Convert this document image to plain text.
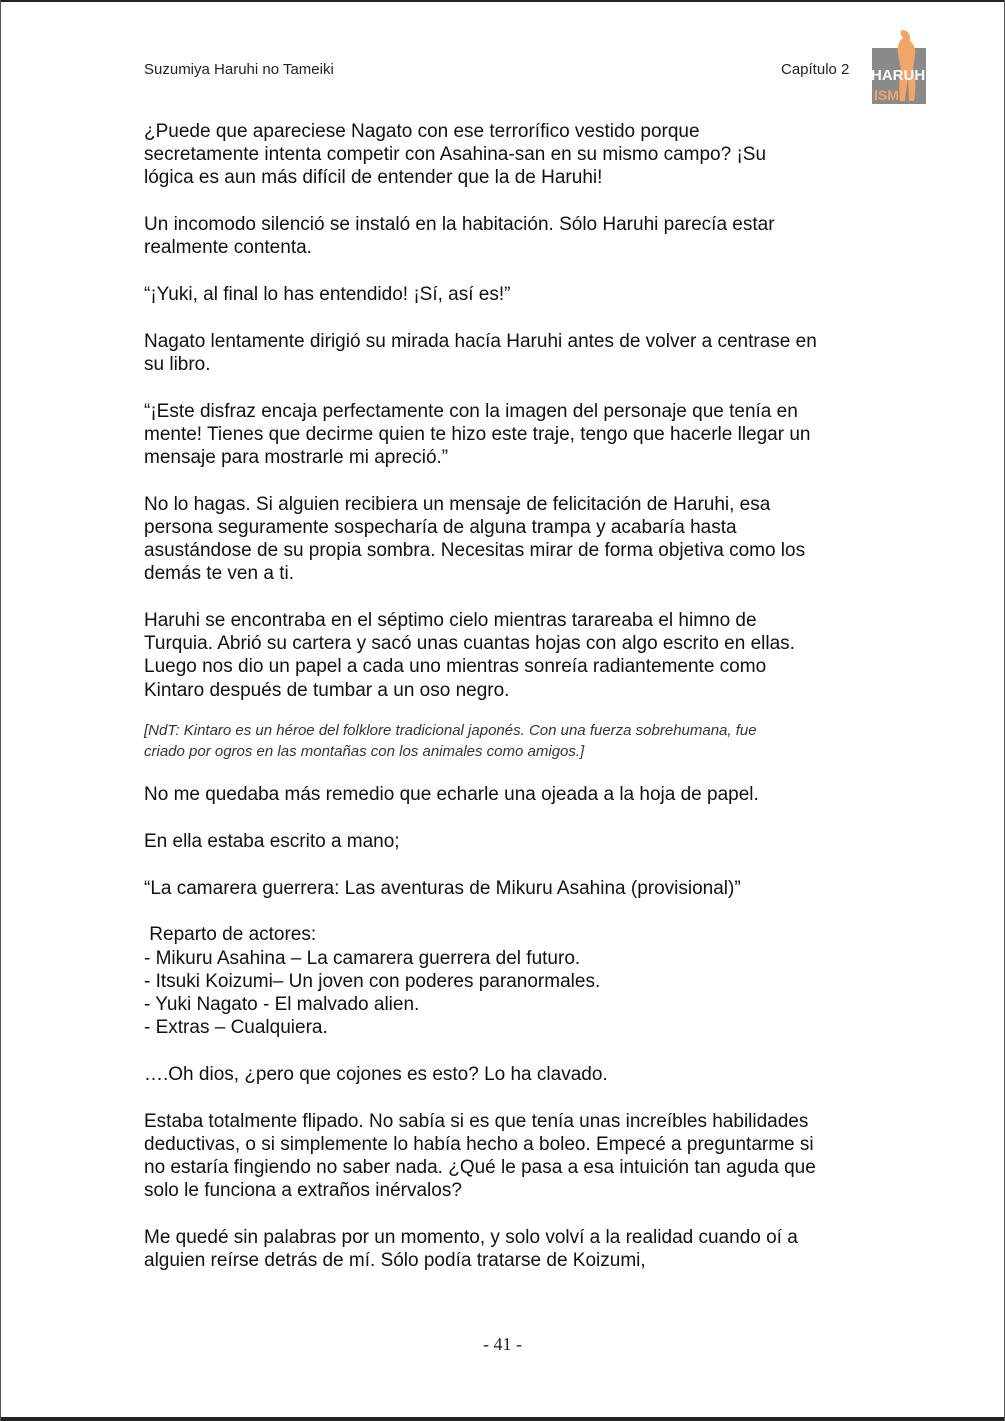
Suzumiya Haruhi no Tameiki	Capítulo 2 HARUHI
ISM

¿Puede que apareciese Nagato con ese terrorífico vestido porque
secretamente intenta competir con Asahina-san en su mismo campo? ¡Su
lógica es aun más difícil de entender que la de Haruhi!

Un incomodo silenció se instaló en la habitación. Sólo Haruhi parecía estar
realmente contenta.

“¡Yuki, al final lo has entendido! ¡Sí, así es!”

Nagato lentamente dirigió su mirada hacía Haruhi antes de volver a centrase en
su libro.

“¡Este disfraz encaja perfectamente con la imagen del personaje que tenía en
mente! Tienes que decirme quien te hizo este traje, tengo que hacerle llegar un
mensaje para mostrarle mi apreció.”

No lo hagas. Si alguien recibiera un mensaje de felicitación de Haruhi, esa
persona seguramente sospecharía de alguna trampa y acabaría hasta
asustándose de su propia sombra. Necesitas mirar de forma objetiva como los
demás te ven a ti.

Haruhi se encontraba en el séptimo cielo mientras tarareaba el himno de
Turquia. Abrió su cartera y sacó unas cuantas hojas con algo escrito en ellas.
Luego nos dio un papel a cada uno mientras sonreía radiantemente como
Kintaro después de tumbar a un oso negro.

[NdT: Kintaro es un héroe del folklore tradicional japonés. Con una fuerza sobrehumana, fue
criado por ogros en las montañas con los animales como amigos.]

No me quedaba más remedio que echarle una ojeada a la hoja de papel.

En ella estaba escrito a mano;

“La camarera guerrera: Las aventuras de Mikuru Asahina (provisional)”

Reparto de actores:
- Mikuru Asahina – La camarera guerrera del futuro.
- Itsuki Koizumi– Un joven con poderes paranormales.
- Yuki Nagato - El malvado alien.
- Extras – Cualquiera.

….Oh dios, ¿pero que cojones es esto? Lo ha clavado.

Estaba totalmente flipado. No sabía si es que tenía unas increíbles habilidades
deductivas, o si simplemente lo había hecho a boleo. Empecé a preguntarme si
no estaría fingiendo no saber nada. ¿Qué le pasa a esa intuición tan aguda que
solo le funciona a extraños inérvalos?

Me quedé sin palabras por un momento, y solo volví a la realidad cuando oí a
alguien reírse detrás de mí. Sólo podía tratarse de Koizumi,

- 41 -
